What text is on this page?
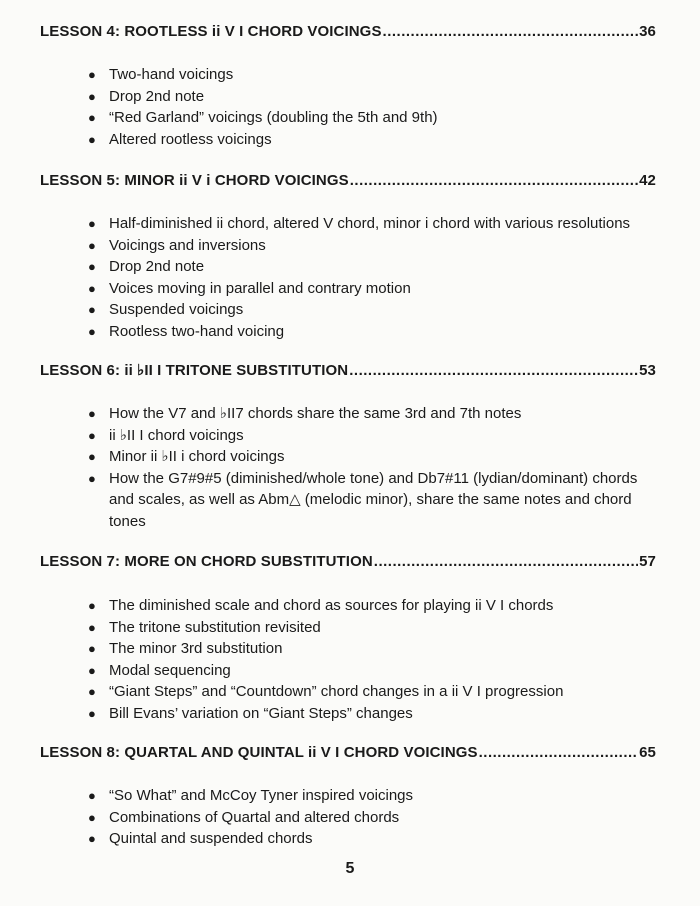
LESSON 4: ROOTLESS ii V I CHORD VOICINGS .....	36
● Two-hand voicings
● Drop 2nd note
● “Red Garland” voicings (doubling the 5th and 9th)
● Altered rootless voicings
LESSON 5: MINOR ii V i CHORD VOICINGS .....	42
● Half-diminished ii chord, altered V chord, minor i chord with various resolutions
● Voicings and inversions
● Drop 2nd note
● Voices moving in parallel and contrary motion
● Suspended voicings
● Rootless two-hand voicing
LESSON 6: ii ♭II I TRITONE SUBSTITUTION .....	53
● How the V7 and ♭II7 chords share the same 3rd and 7th notes
● ii ♭II I chord voicings
● Minor ii ♭II i chord voicings
● How the G7#9#5 (diminished/whole tone) and Db7#11 (lydian/dominant) chords and scales, as well as Abm△ (melodic minor), share the same notes and chord tones
LESSON 7: MORE ON CHORD SUBSTITUTION .....	57
● The diminished scale and chord as sources for playing ii V I chords
● The tritone substitution revisited
● The minor 3rd substitution
● Modal sequencing
● “Giant Steps” and “Countdown” chord changes in a ii V I progression
● Bill Evans’ variation on “Giant Steps” changes
LESSON 8: QUARTAL AND QUINTAL ii V I CHORD VOICINGS .....	65
● “So What” and McCoy Tyner inspired voicings
● Combinations of Quartal and altered chords
● Quintal and suspended chords
5
